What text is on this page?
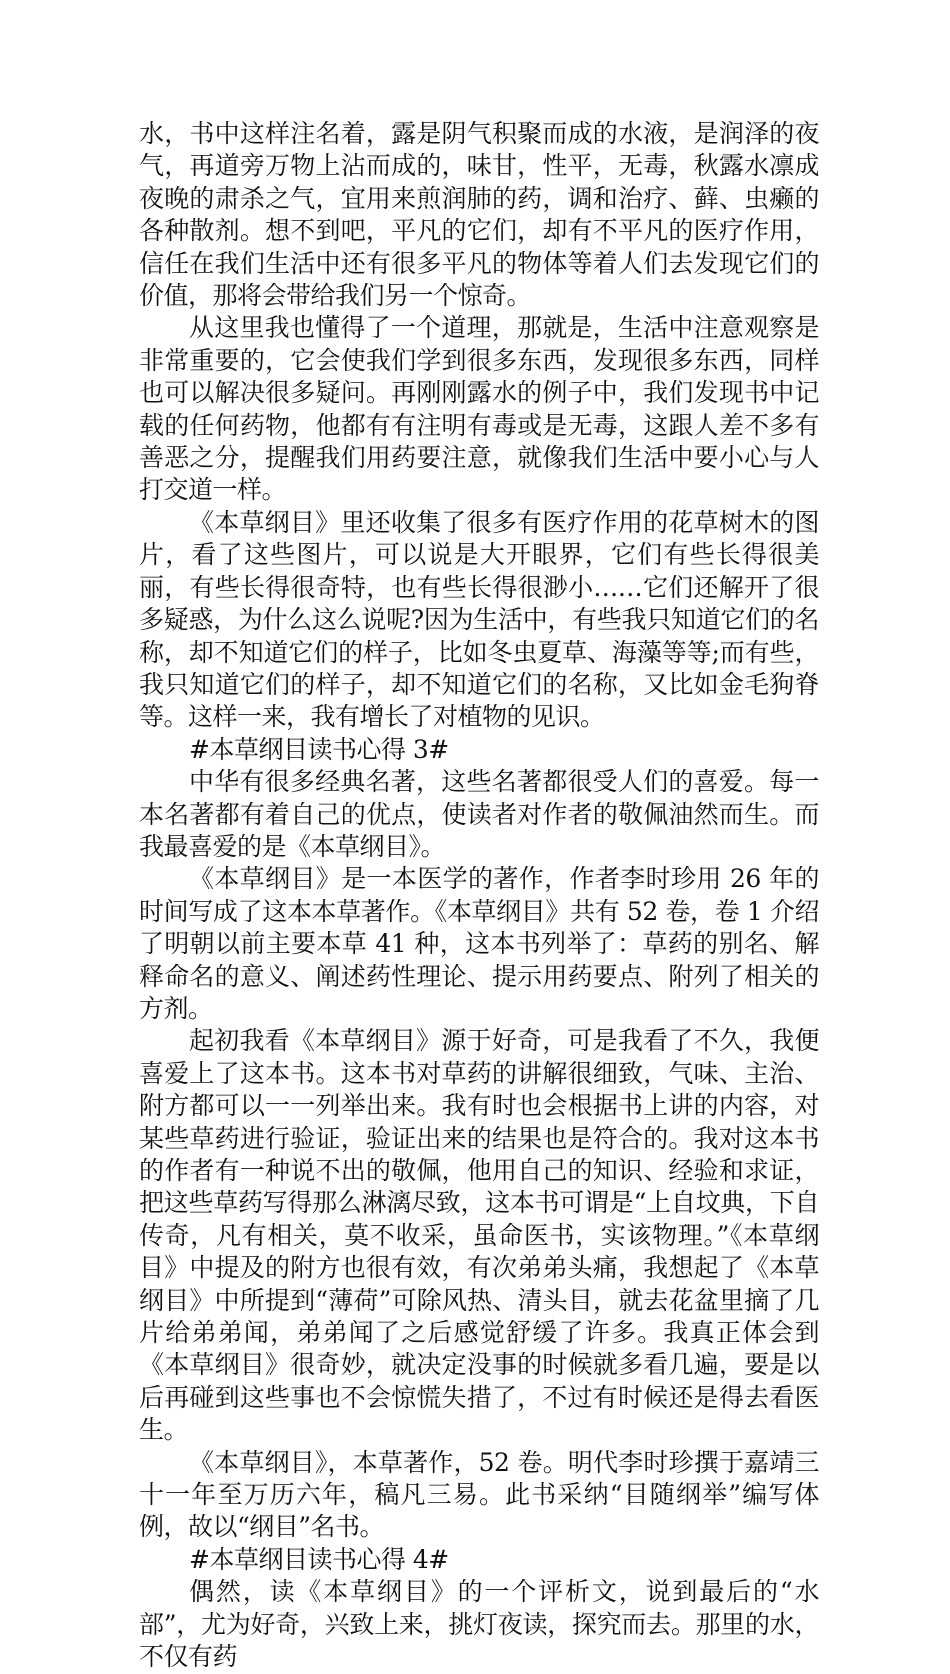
水，书中这样注名着，露是阴气积聚而成的水液，是润泽的夜气，再道旁万物上沾而成的，味甘，性平，无毒，秋露水凛成夜晚的肃杀之气，宜用来煎润肺的药，调和治疗、藓、虫癞的各种散剂。想不到吧，平凡的它们，却有不平凡的医疗作用，信任在我们生活中还有很多平凡的物体等着人们去发现它们的价值，那将会带给我们另一个惊奇。

从这里我也懂得了一个道理，那就是，生活中注意观察是非常重要的，它会使我们学到很多东西，发现很多东西，同样也可以解决很多疑问。再刚刚露水的例子中，我们发现书中记载的任何药物，他都有有注明有毒或是无毒，这跟人差不多有善恶之分，提醒我们用药要注意，就像我们生活中要小心与人打交道一样。

《本草纲目》里还收集了很多有医疗作用的花草树木的图片，看了这些图片，可以说是大开眼界，它们有些长得很美丽，有些长得很奇特，也有些长得很渺小……它们还解开了很多疑惑，为什么这么说呢?因为生活中，有些我只知道它们的名称，却不知道它们的样子，比如冬虫夏草、海藻等等;而有些，我只知道它们的样子，却不知道它们的名称，又比如金毛狗脊等。这样一来，我有增长了对植物的见识。

#本草纲目读书心得 3#

中华有很多经典名著，这些名著都很受人们的喜爱。每一本名著都有着自己的优点，使读者对作者的敬佩油然而生。而我最喜爱的是《本草纲目》。

《本草纲目》是一本医学的著作，作者李时珍用 26 年的时间写成了这本本草著作。《本草纲目》共有 52 卷，卷 1 介绍了明朝以前主要本草 41 种，这本书列举了：草药的别名、解释命名的意义、阐述药性理论、提示用药要点、附列了相关的方剂。

起初我看《本草纲目》源于好奇，可是我看了不久，我便喜爱上了这本书。这本书对草药的讲解很细致，气味、主治、附方都可以一一列举出来。我有时也会根据书上讲的内容，对某些草药进行验证，验证出来的结果也是符合的。我对这本书的作者有一种说不出的敬佩，他用自己的知识、经验和求证，把这些草药写得那么淋漓尽致，这本书可谓是“上自坟典，下自传奇，凡有相关，莫不收采，虽命医书，实该物理。”《本草纲目》中提及的附方也很有效，有次弟弟头痛，我想起了《本草纲目》中所提到“薄荷”可除风热、清头目，就去花盆里摘了几片给弟弟闻，弟弟闻了之后感觉舒缓了许多。我真正体会到《本草纲目》很奇妙，就决定没事的时候就多看几遍，要是以后再碰到这些事也不会惊慌失措了，不过有时候还是得去看医生。

《本草纲目》，本草著作，52 卷。明代李时珍撰于嘉靖三十一年至万历六年，稿凡三易。此书采纳“目随纲举”编写体例，故以“纲目”名书。

#本草纲目读书心得 4#

偶然，读《本草纲目》的一个评析文，说到最后的“水部”，尤为好奇，兴致上来，挑灯夜读，探究而去。那里的水，不仅有药
